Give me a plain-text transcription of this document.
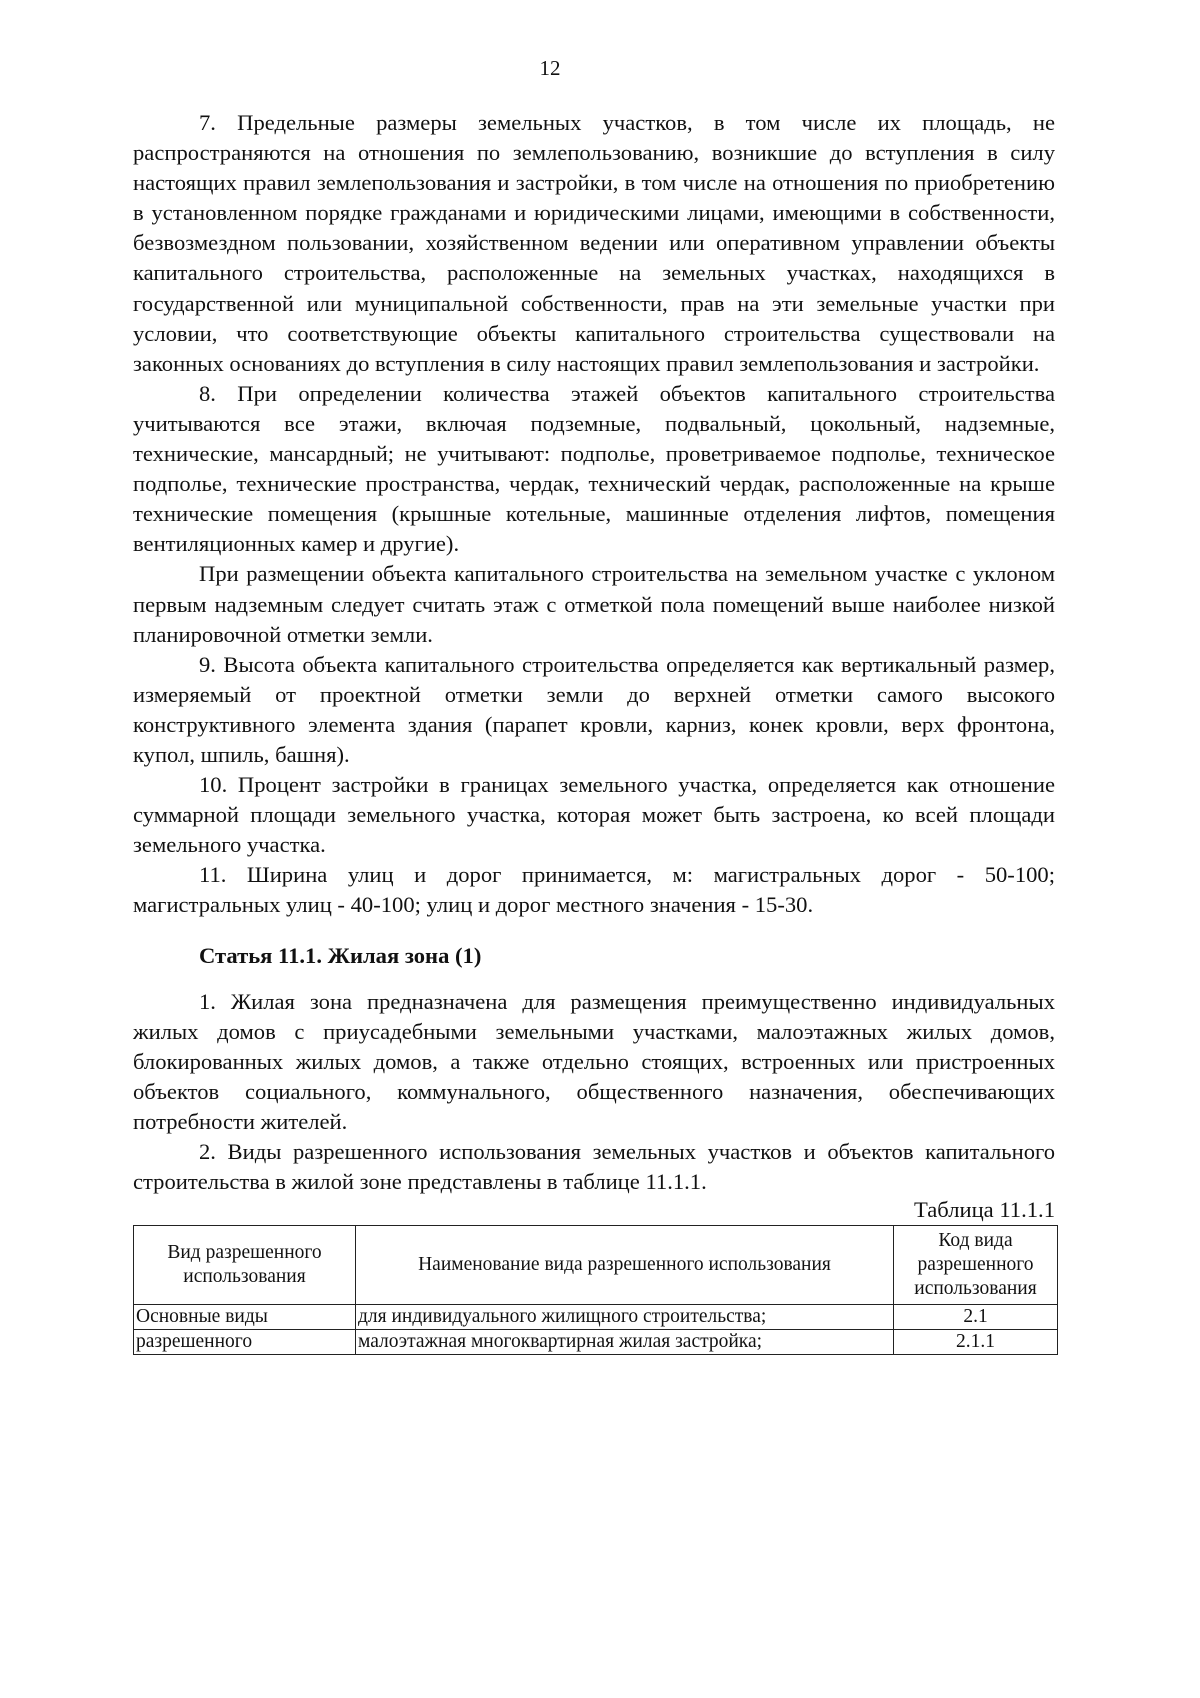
12

7. Предельные размеры земельных участков, в том числе их площадь, не распространяются на отношения по землепользованию, возникшие до вступления в силу настоящих правил землепользования и застройки, в том числе на отношения по приобретению в установленном порядке гражданами и юридическими лицами, имеющими в собственности, безвозмездном пользовании, хозяйственном ведении или оперативном управлении объекты капитального строительства, расположенные на земельных участках, находящихся в государственной или муниципальной собственности, прав на эти земельные участки при условии, что соответствующие объекты капитального строительства существовали на законных основаниях до вступления в силу настоящих правил землепользования и застройки.

8. При определении количества этажей объектов капитального строительства учитываются все этажи, включая подземные, подвальный, цокольный, надземные, технические, мансардный; не учитывают: подполье, проветриваемое подполье, техническое подполье, технические пространства, чердак, технический чердак, расположенные на крыше технические помещения (крышные котельные, машинные отделения лифтов, помещения вентиляционных камер и другие).

При размещении объекта капитального строительства на земельном участке с уклоном первым надземным следует считать этаж с отметкой пола помещений выше наиболее низкой планировочной отметки земли.

9. Высота объекта капитального строительства определяется как вертикальный размер, измеряемый от проектной отметки земли до верхней отметки самого высокого конструктивного элемента здания (парапет кровли, карниз, конек кровли, верх фронтона, купол, шпиль, башня).

10. Процент застройки в границах земельного участка, определяется как отношение суммарной площади земельного участка, которая может быть застроена, ко всей площади земельного участка.

11. Ширина улиц и дорог принимается, м: магистральных дорог - 50-100; магистральных улиц - 40-100; улиц и дорог местного значения - 15-30.

Статья 11.1. Жилая зона (1)

1. Жилая зона предназначена для размещения преимущественно индивидуальных жилых домов с приусадебными земельными участками, малоэтажных жилых домов, блокированных жилых домов, а также отдельно стоящих, встроенных или пристроенных объектов социального, коммунального, общественного назначения, обеспечивающих потребности жителей.

2. Виды разрешенного использования земельных участков и объектов капитального строительства в жилой зоне представлены в таблице 11.1.1.

Таблица 11.1.1

Вид разрешенного использования	Наименование вида разрешенного использования	Код вида разрешенного использования
Основные виды	для индивидуального жилищного строительства;	2.1
разрешенного	малоэтажная многоквартирная жилая застройка;	2.1.1
